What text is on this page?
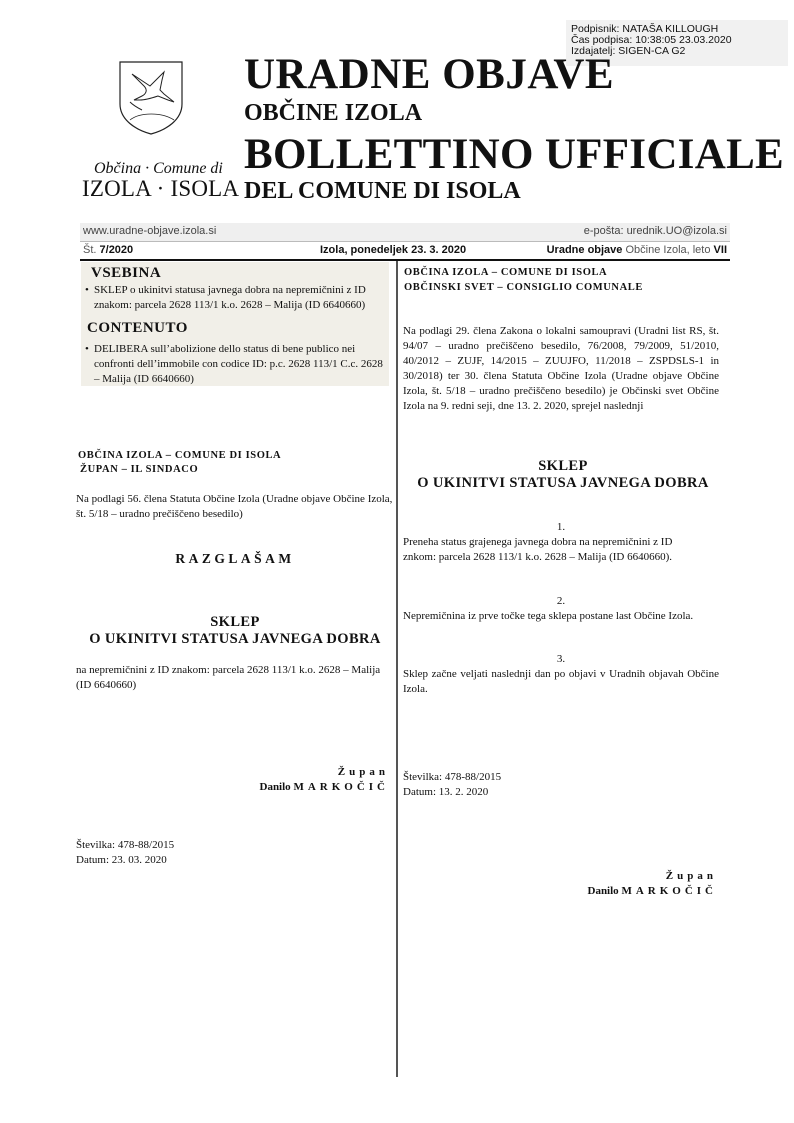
Podpisnik: NATAŠA KILLOUGH
Čas podpisa: 10:38:05 23.03.2020
Izdajatelj: SIGEN-CA G2
Občina · Comune di
IZOLA · ISOLA
URADNE OBJAVE
OBČINE IZOLA
BOLLETTINO UFFICIALE
DEL COMUNE DI ISOLA
www.uradne-objave.izola.si	e-pošta: urednik.UO@izola.si
Št. 7/2020	Izola, ponedeljek 23. 3. 2020	Uradne objave Občine Izola, leto VII
VSEBINA
• SKLEP o ukinitvi statusa javnega dobra na nepremičnini z ID znakom: parcela 2628 113/1 k.o. 2628 – Malija (ID 6640660)
CONTENUTO
• DELIBERA sull’abolizione dello status di bene publico nei confronti dell’immobile con codice ID: p.c. 2628 113/1 C.c. 2628 – Malija (ID 6640660)
OBČINA IZOLA – COMUNE DI ISOLA
ŽUPAN – IL SINDACO
Na podlagi 56. člena Statuta Občine Izola (Uradne objave Občine Izola, št. 5/18 – uradno prečiščeno besedilo)
RAZGLAŠAM
SKLEP
O UKINITVI STATUSA JAVNEGA DOBRA
na nepremičnini z ID znakom: parcela 2628 113/1 k.o. 2628 – Malija (ID 6640660)
Župan
Danilo MARKOČIČ
Številka: 478-88/2015
Datum: 23. 03. 2020
OBČINA IZOLA – COMUNE DI ISOLA
OBČINSKI SVET – CONSIGLIO COMUNALE
Na podlagi 29. člena Zakona o lokalni samoupravi (Uradni list RS, št. 94/07 – uradno prečiščeno besedilo, 76/2008, 79/2009, 51/2010, 40/2012 – ZUJF, 14/2015 – ZUUJFO, 11/2018 – ZSPDSLS-1 in 30/2018) ter 30. člena Statuta Občine Izola (Uradne objave Občine Izola, št. 5/18 – uradno prečiščeno besedilo) je Občinski svet Občine Izola na 9. redni seji, dne 13. 2. 2020, sprejel naslednji
SKLEP
O UKINITVI STATUSA JAVNEGA DOBRA
1.
Preneha status grajenega javnega dobra na nepremičnini z ID znkom: parcela 2628 113/1 k.o. 2628 – Malija (ID 6640660).
2.
Nepremičnina iz prve točke tega sklepa postane last Občine Izola.
3.
Sklep začne veljati naslednji dan po objavi v Uradnih objavah Občine Izola.
Številka: 478-88/2015
Datum: 13. 2. 2020
Župan
Danilo MARKOČIČ
